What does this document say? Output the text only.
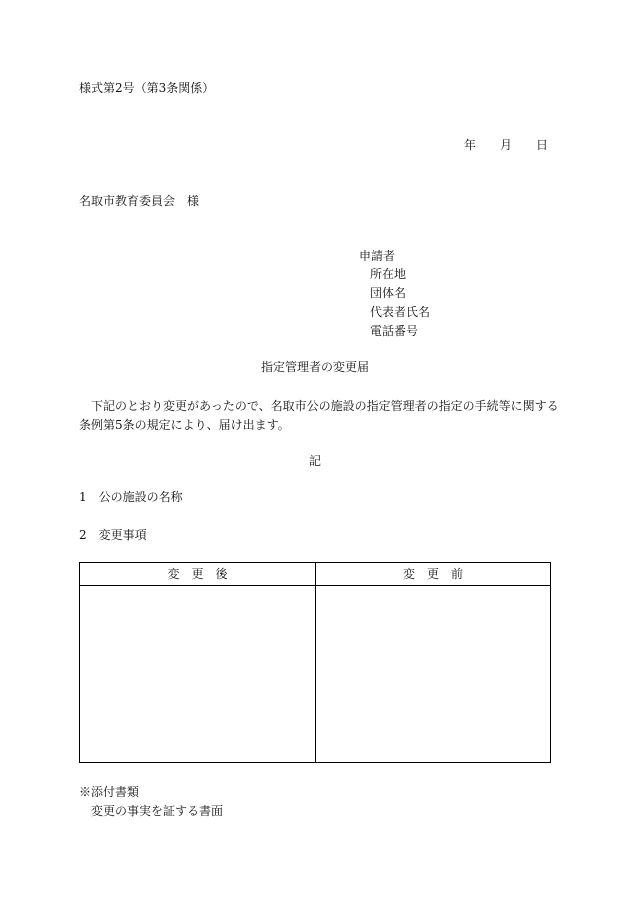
様式第2号（第3条関係）
年 月 日
名取市教育委員会　様
申請者
所在地
団体名
代表者氏名
電話番号
指定管理者の変更届
下記のとおり変更があったので、名取市公の施設の指定管理者の指定の手続等に関する条例第5条の規定により、届け出ます。
記
1　公の施設の名称
2　変更事項
変　更　後	変　更　前
※添付書類
変更の事実を証する書面
